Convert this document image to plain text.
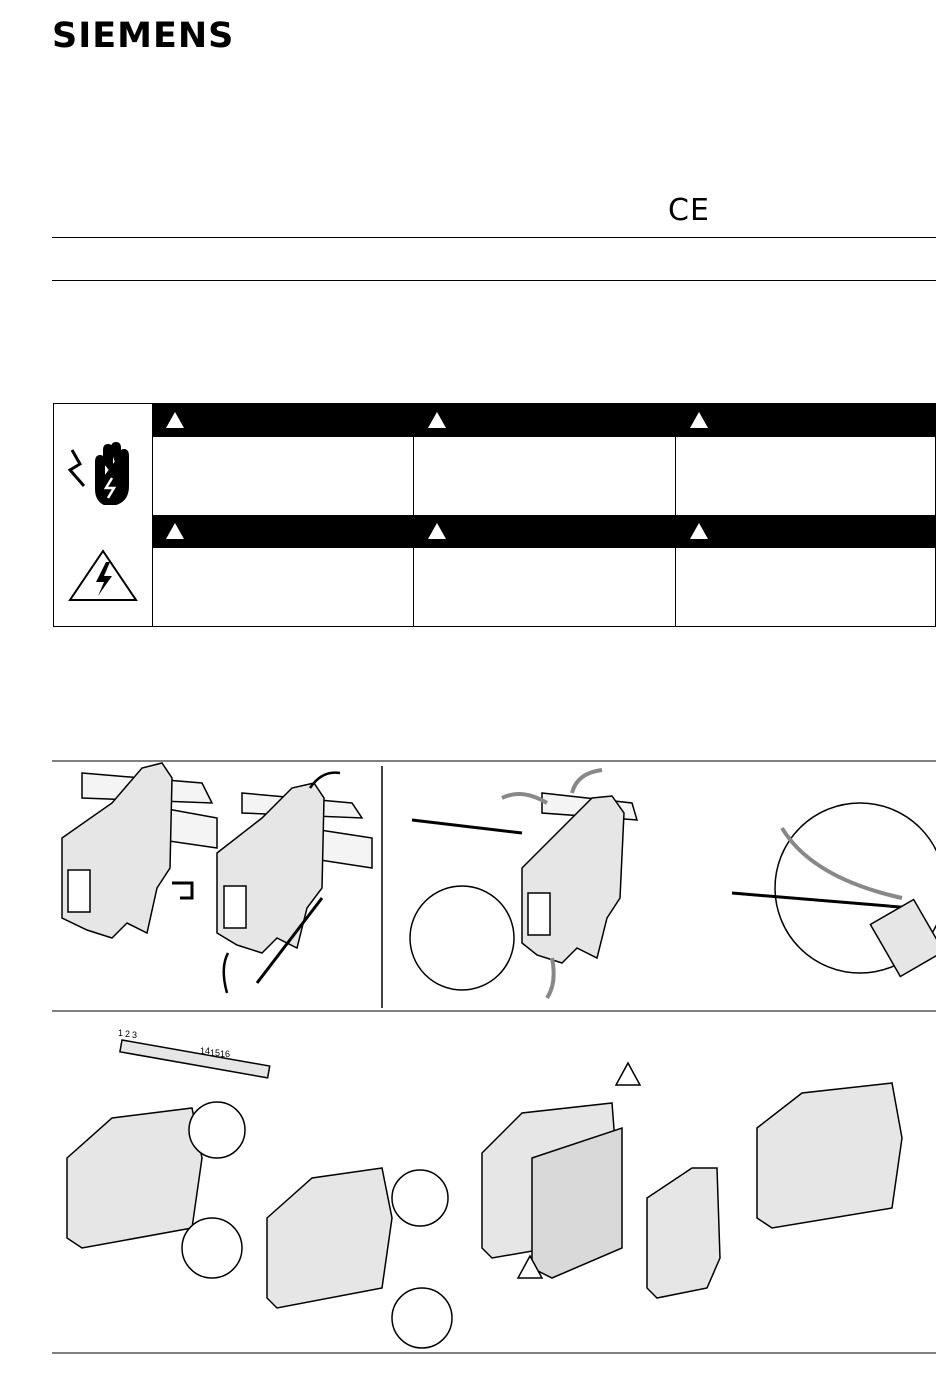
SIEMENS
CE
1 2 3
14 15 16
